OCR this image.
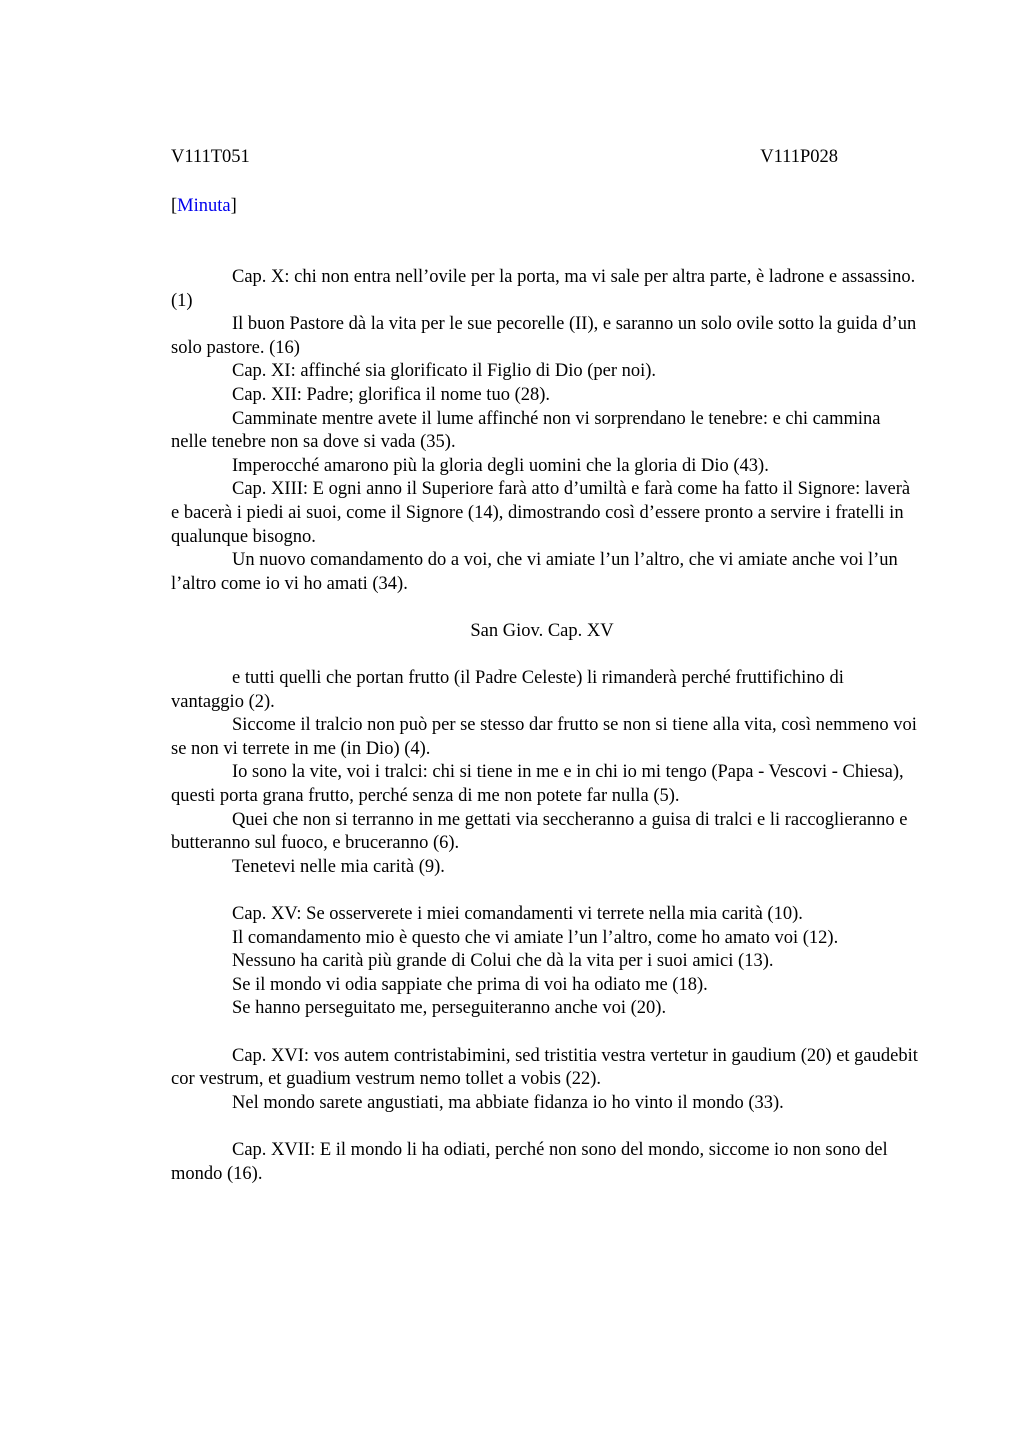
V111T051	V111P028
[Minuta]

Cap. X: chi non entra nell’ovile per la porta, ma vi sale per altra parte, è ladrone e assassino.(1)

Il buon Pastore dà la vita per le sue pecorelle (II), e saranno un solo ovile sotto la guida d’un solo pastore. (16)

Cap. XI: affinché sia glorificato il Figlio di Dio (per noi).

Cap. XII: Padre; glorifica il nome tuo (28).

Camminate mentre avete il lume affinché non vi sorprendano le tenebre: e chi cammina nelle tenebre non sa dove si vada (35).

Imperocché amarono più la gloria degli uomini che la gloria di Dio (43).

Cap. XIII: E ogni anno il Superiore farà atto d’umiltà e farà come ha fatto il Signore: laverà e bacerà i piedi ai suoi, come il Signore (14), dimostrando così d’essere pronto a servire i fratelli in qualunque bisogno.

Un nuovo comandamento do a voi, che vi amiate l’un l’altro, che vi amiate anche voi l’un l’altro come io vi ho amati (34).

San Giov. Cap. XV

e tutti quelli che portan frutto (il Padre Celeste) li rimanderà perché fruttifichino di vantaggio (2).

Siccome il tralcio non può per se stesso dar frutto se non si tiene alla vita, così nemmeno voi se non vi terrete in me (in Dio) (4).

Io sono la vite, voi i tralci: chi si tiene in me e in chi io mi tengo (Papa - Vescovi - Chiesa), questi porta grana frutto, perché senza di me non potete far nulla (5).

Quei che non si terranno in me gettati via seccheranno a guisa di tralci e li raccoglieranno e butteranno sul fuoco, e bruceranno (6).

Tenetevi nelle mia carità (9).

Cap. XV: Se osserverete i miei comandamenti vi terrete nella mia carità (10).

Il comandamento mio è questo che vi amiate l’un l’altro, come ho amato voi (12).

Nessuno ha carità più grande di Colui che dà la vita per i suoi amici (13).

Se il mondo vi odia sappiate che prima di voi ha odiato me (18).

Se hanno perseguitato me, perseguiteranno anche voi (20).

Cap. XVI: vos autem contristabimini, sed tristitia vestra vertetur in gaudium (20) et gaudebit cor vestrum, et guadium vestrum nemo tollet a vobis (22).

Nel mondo sarete angustiati, ma abbiate fidanza io ho vinto il mondo (33).

Cap. XVII: E il mondo li ha odiati, perché non sono del mondo, siccome io non sono del mondo (16).
